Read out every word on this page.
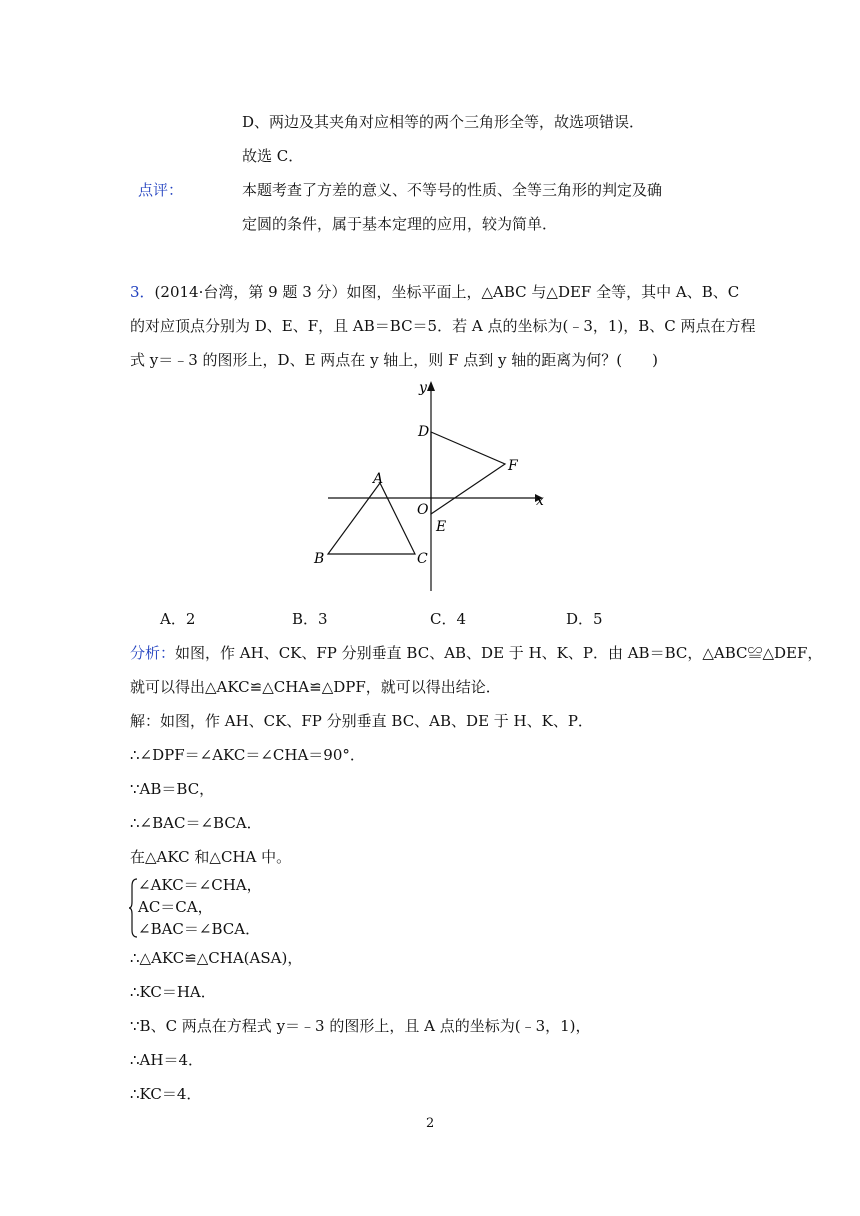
D、两边及其夹角对应相等的两个三角形全等，故选项错误．
故选 C．
点评：	本题考查了方差的意义、不等号的性质、全等三角形的判定及确
定圆的条件，属于基本定理的应用，较为简单．
3．(2014·台湾，第 9 题 3 分）如图，坐标平面上，△ABC 与△DEF 全等，其中 A、B、C
的对应顶点分别为 D、E、F，且 AB＝BC＝5．若 A 点的坐标为(﹣3，1)，B、C 两点在方程
式 y＝﹣3 的图形上，D、E 两点在 y 轴上，则 F 点到 y 轴的距离为何？(　　)
y
x
O
A
B	C
D
E
F
A．2	B．3	C．4	D．5
分析：如图，作 AH、CK、FP 分别垂直 BC、AB、DE 于 H、K、P．由 AB＝BC，△ABC≌△DEF，
就可以得出△AKC≌△CHA≌△DPF，就可以得出结论．
解：如图，作 AH、CK、FP 分别垂直 BC、AB、DE 于 H、K、P．
∴∠DPF＝∠AKC＝∠CHA＝90°．
∵AB＝BC，
∴∠BAC＝∠BCA．
在△AKC 和△CHA 中。
∠AKC＝∠CHA，
AC＝CA，
∠BAC＝∠BCA．
∴△AKC≌△CHA(ASA)，
∴KC＝HA．
∵B、C 两点在方程式 y＝﹣3 的图形上，且 A 点的坐标为(﹣3，1)，
∴AH＝4．
∴KC＝4．
2
